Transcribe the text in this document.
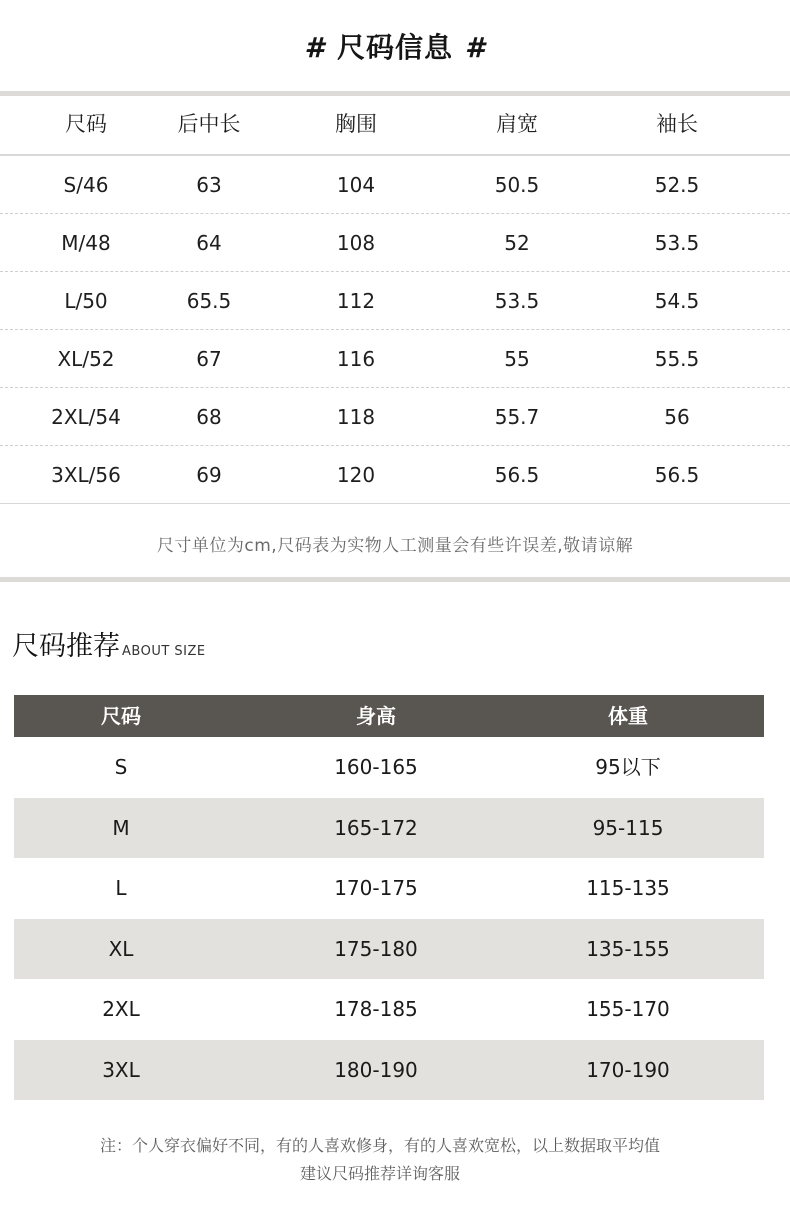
# 尺码信息 #
尺码	后中长	胸围	肩宽	袖长
S/46	63	104	50.5	52.5
M/48	64	108	52	53.5
L/50	65.5	112	53.5	54.5
XL/52	67	116	55	55.5
2XL/54	68	118	55.7	56
3XL/56	69	120	56.5	56.5
尺寸单位为cm,尺码表为实物人工测量会有些许误差,敬请谅解
尺码推荐 ABOUT SIZE
尺码	身高	体重
S	160-165	95以下
M	165-172	95-115
L	170-175	115-135
XL	175-180	135-155
2XL	178-185	155-170
3XL	180-190	170-190
注：个人穿衣偏好不同，有的人喜欢修身，有的人喜欢宽松，以上数据取平均值
建议尺码推荐详询客服
